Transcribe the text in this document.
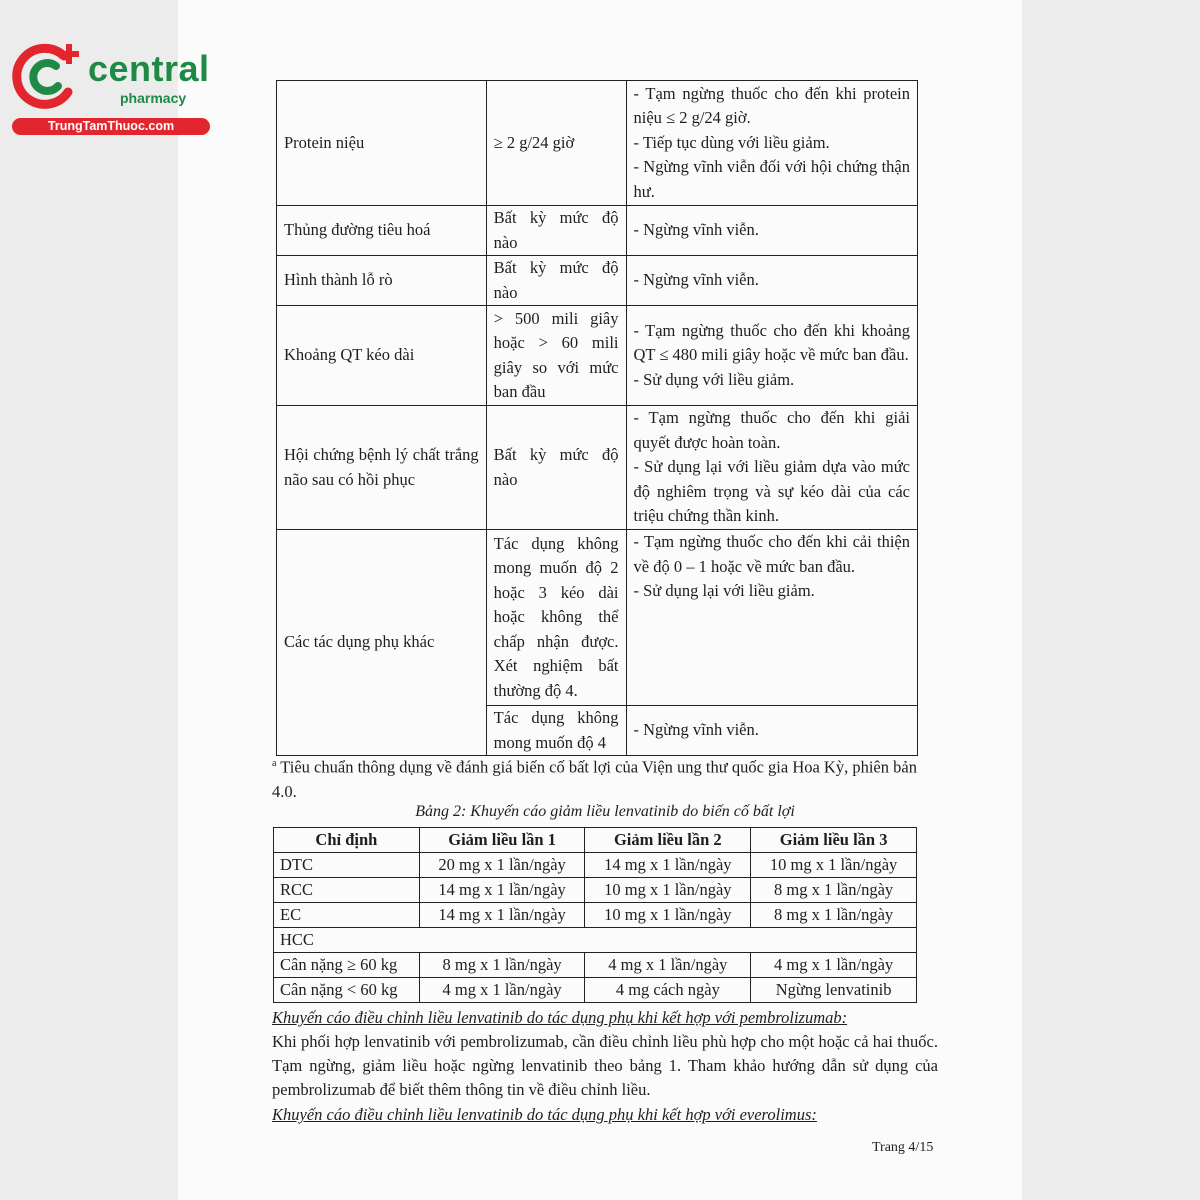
central
pharmacy
TrungTamThuoc.com
Protein niệu	≥ 2 g/24 giờ	- Tạm ngừng thuốc cho đến khi protein niệu ≤ 2 g/24 giờ.
- Tiếp tục dùng với liều giảm.
- Ngừng vĩnh viễn đối với hội chứng thận hư.
Thủng đường tiêu hoá	Bất kỳ mức độ nào	- Ngừng vĩnh viễn.
Hình thành lỗ rò	Bất kỳ mức độ nào	- Ngừng vĩnh viễn.
Khoảng QT kéo dài	> 500 mili giây hoặc > 60 mili giây so với mức ban đầu	- Tạm ngừng thuốc cho đến khi khoảng QT ≤ 480 mili giây hoặc về mức ban đầu.
- Sử dụng với liều giảm.
Hội chứng bệnh lý chất trắng não sau có hồi phục	Bất kỳ mức độ nào	- Tạm ngừng thuốc cho đến khi giải quyết được hoàn toàn.
- Sử dụng lại với liều giảm dựa vào mức độ nghiêm trọng và sự kéo dài của các triệu chứng thần kinh.
Các tác dụng phụ khác	Tác dụng không mong muốn độ 2 hoặc 3 kéo dài hoặc không thể chấp nhận được. Xét nghiệm bất thường độ 4.	- Tạm ngừng thuốc cho đến khi cải thiện về độ 0 – 1 hoặc về mức ban đầu.
- Sử dụng lại với liều giảm.
	Tác dụng không mong muốn độ 4	- Ngừng vĩnh viễn.
$^a$ Tiêu chuẩn thông dụng về đánh giá biến cố bất lợi của Viện ung thư quốc gia Hoa Kỳ, phiên bản 4.0.
Bảng 2: Khuyến cáo giảm liều lenvatinib do biến cố bất lợi
Chỉ định	Giảm liều lần 1	Giảm liều lần 2	Giảm liều lần 3
DTC	20 mg x 1 lần/ngày	14 mg x 1 lần/ngày	10 mg x 1 lần/ngày
RCC	14 mg x 1 lần/ngày	10 mg x 1 lần/ngày	8 mg x 1 lần/ngày
EC	14 mg x 1 lần/ngày	10 mg x 1 lần/ngày	8 mg x 1 lần/ngày
HCC			
Cân nặng ≥ 60 kg	8 mg x 1 lần/ngày	4 mg x 1 lần/ngày	4 mg x 1 lần/ngày
Cân nặng < 60 kg	4 mg x 1 lần/ngày	4 mg cách ngày	Ngừng lenvatinib
Khuyến cáo điều chỉnh liều lenvatinib do tác dụng phụ khi kết hợp với pembrolizumab:
Khi phối hợp lenvatinib với pembrolizumab, cần điều chỉnh liều phù hợp cho một hoặc cả hai thuốc. Tạm ngừng, giảm liều hoặc ngừng lenvatinib theo bảng 1. Tham khảo hướng dẫn sử dụng của pembrolizumab để biết thêm thông tin về điều chỉnh liều.
Khuyến cáo điều chỉnh liều lenvatinib do tác dụng phụ khi kết hợp với everolimus:
Trang 4/15
